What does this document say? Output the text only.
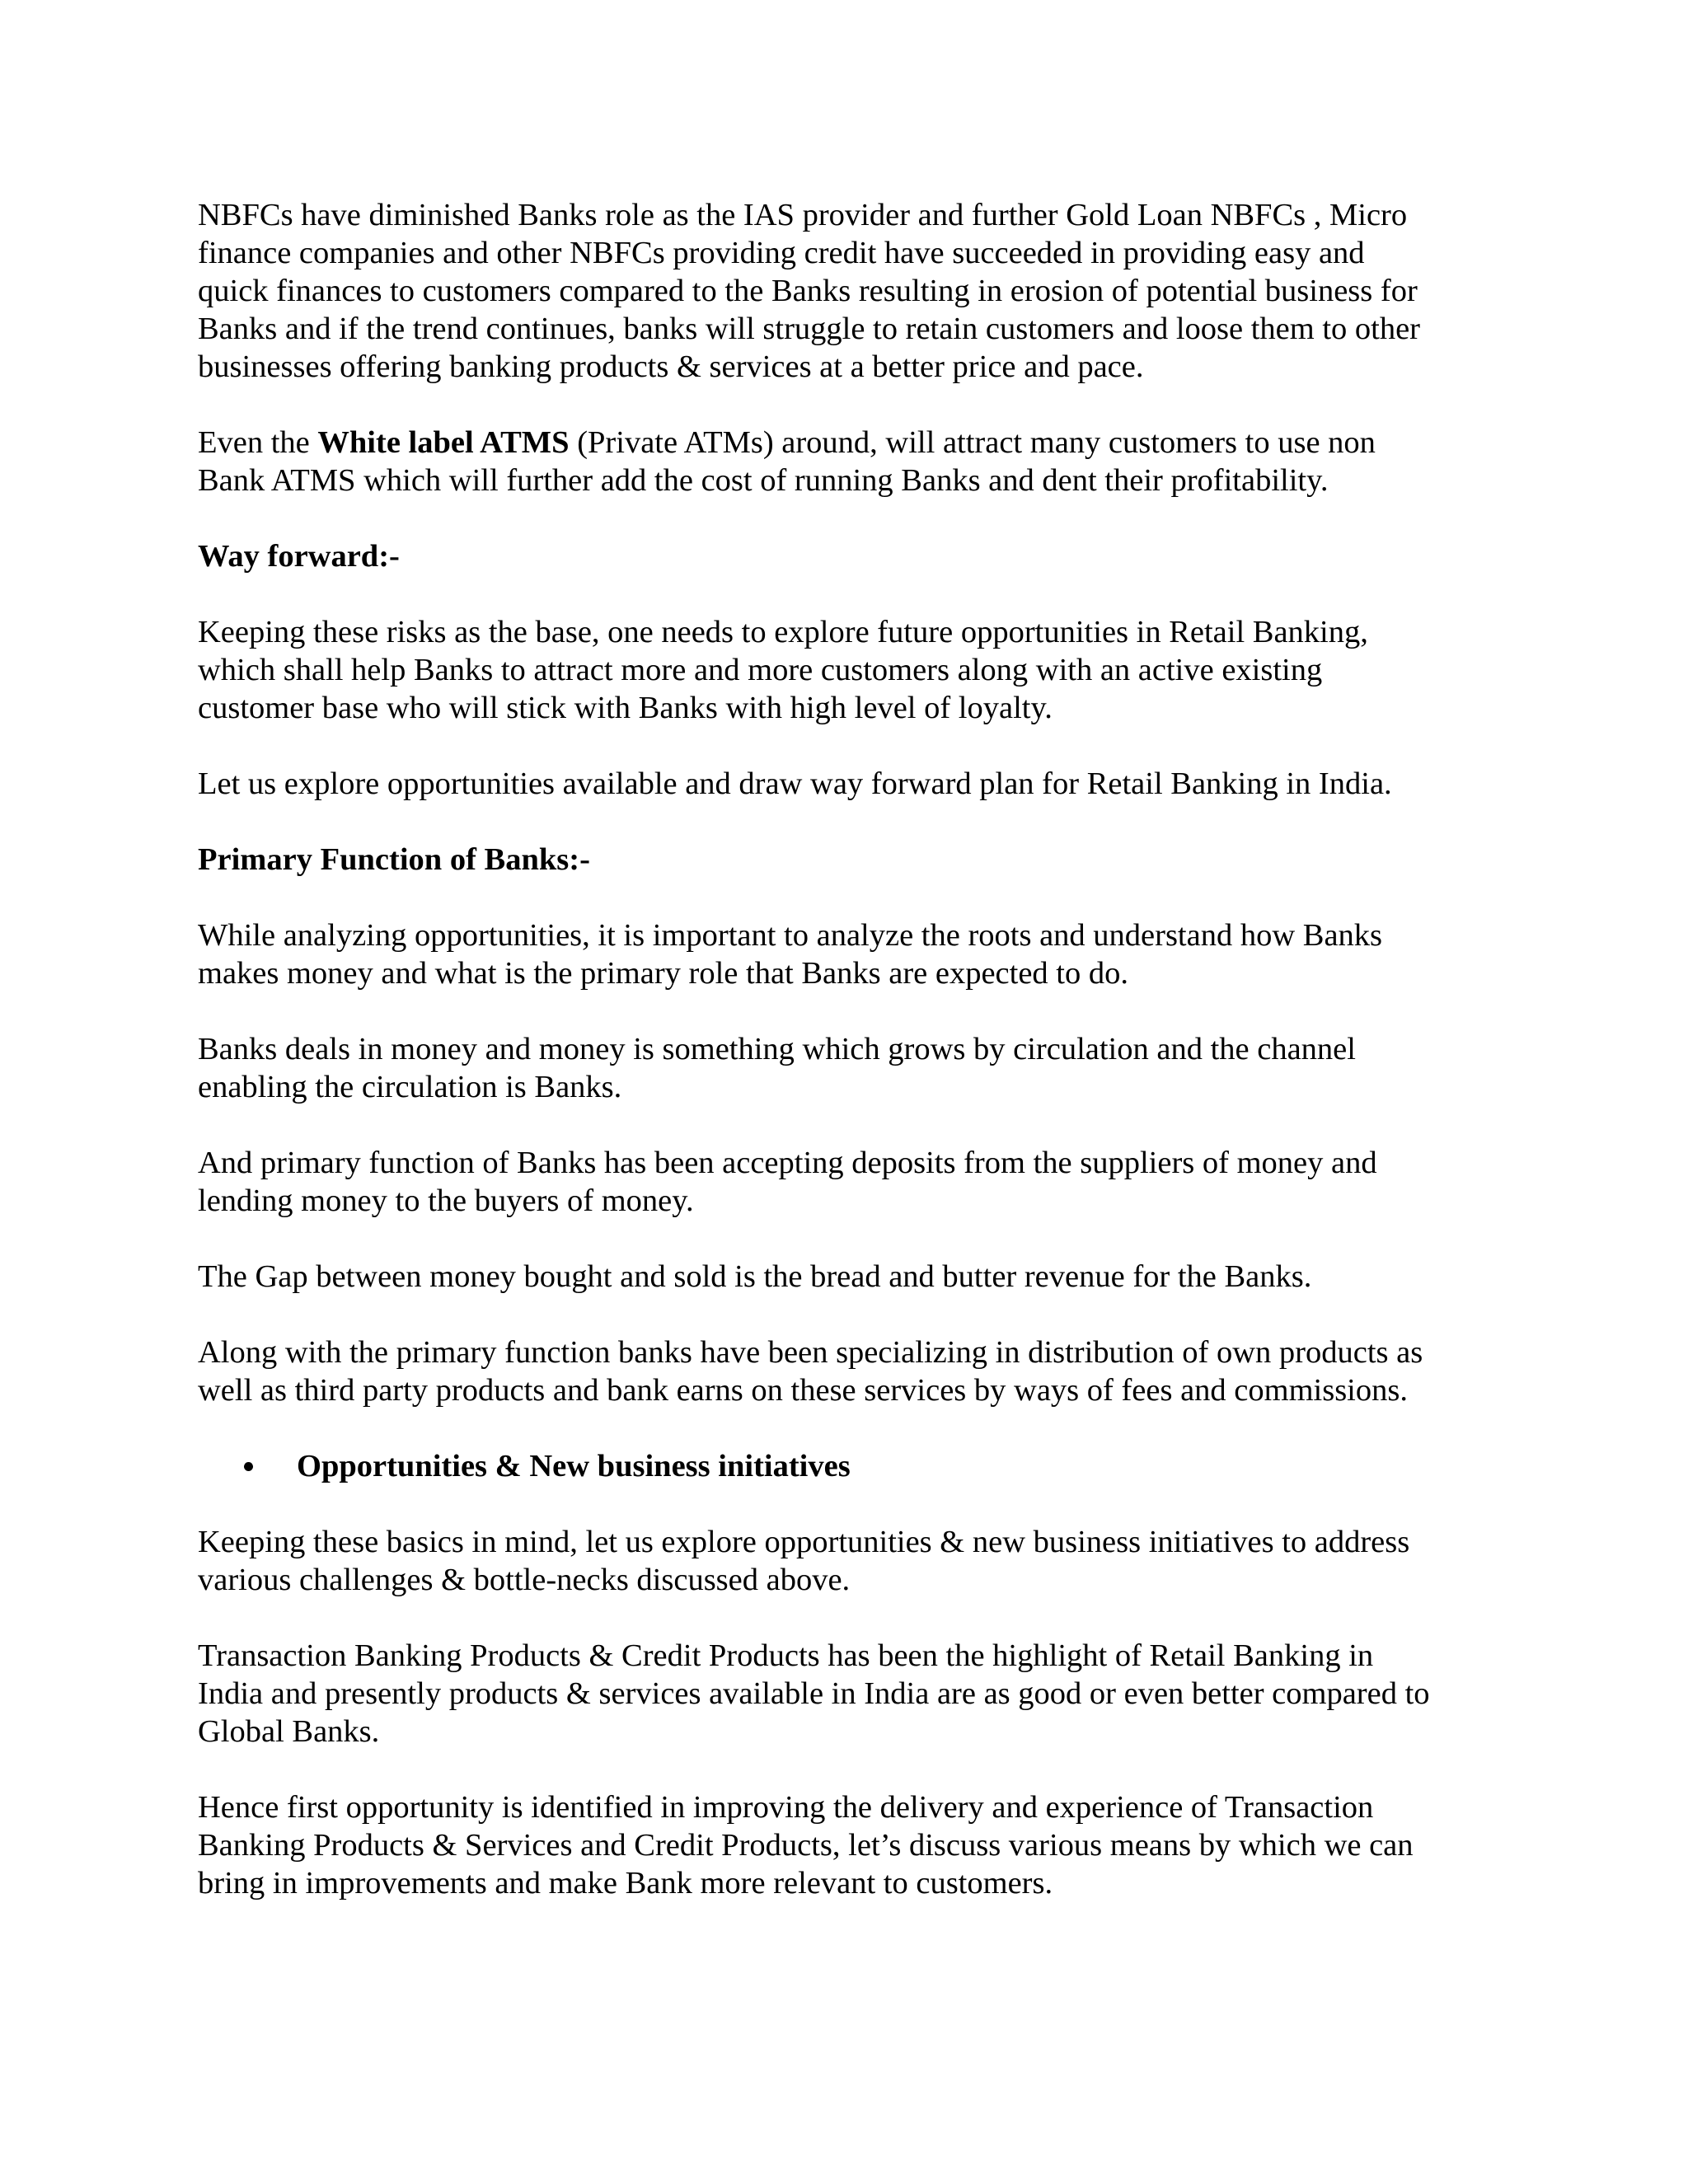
NBFCs have diminished Banks role as the IAS provider and further Gold Loan NBFCs , Micro
finance companies and other NBFCs providing credit have succeeded in providing easy and
quick finances to customers compared to the Banks resulting in erosion of potential business for
Banks and if the trend continues, banks will struggle to retain customers and loose them to other
businesses offering banking products & services at a better price and pace.

Even the White label ATMS (Private ATMs) around, will attract many customers to use non
Bank ATMS which will further add the cost of running Banks and dent their profitability.

Way forward:-

Keeping these risks as the base, one needs to explore future opportunities in Retail Banking,
which shall help Banks to attract more and more customers along with an active existing
customer base who will stick with Banks with high level of loyalty.

Let us explore opportunities available and draw way forward plan for Retail Banking in India.

Primary Function of Banks:-

While analyzing opportunities, it is important to analyze the roots and understand how Banks
makes money and what is the primary role that Banks are expected to do.

Banks deals in money and money is something which grows by circulation and the channel
enabling the circulation is Banks.

And primary function of Banks has been accepting deposits from the suppliers of money and
lending money to the buyers of money.

The Gap between money bought and sold is the bread and butter revenue for the Banks.

Along with the primary function banks have been specializing in distribution of own products as
well as third party products and bank earns on these services by ways of fees and commissions.

Opportunities & New business initiatives

Keeping these basics in mind, let us explore opportunities & new business initiatives to address
various challenges & bottle-necks discussed above.

Transaction Banking Products & Credit Products has been the highlight of Retail Banking in
India and presently products & services available in India are as good or even better compared to
Global Banks.

Hence first opportunity is identified in improving the delivery and experience of Transaction
Banking Products & Services and Credit Products, let’s discuss various means by which we can
bring in improvements and make Bank more relevant to customers.
